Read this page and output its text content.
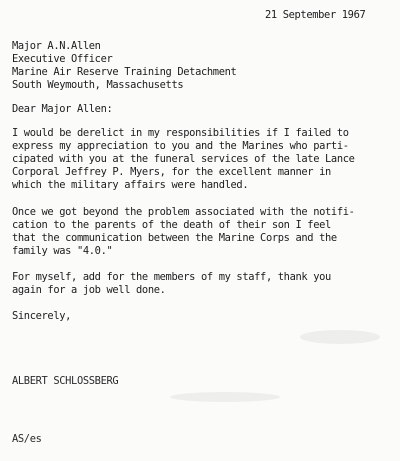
21 September 1967
Major A.N.Allen
Executive Officer
Marine Air Reserve Training Detachment
South Weymouth, Massachusetts
Dear Major Allen:
I would be derelict in my responsibilities if I failed to
express my appreciation to you and the Marines who parti-
cipated with you at the funeral services of the late Lance
Corporal Jeffrey P. Myers, for the excellent manner in
which the military affairs were handled.
Once we got beyond the problem associated with the notifi-
cation to the parents of the death of their son I feel
that the communication between the Marine Corps and the
family was "4.0."
For myself, add for the members of my staff, thank you
again for a job well done.
Sincerely,
ALBERT SCHLOSSBERG
AS/es
